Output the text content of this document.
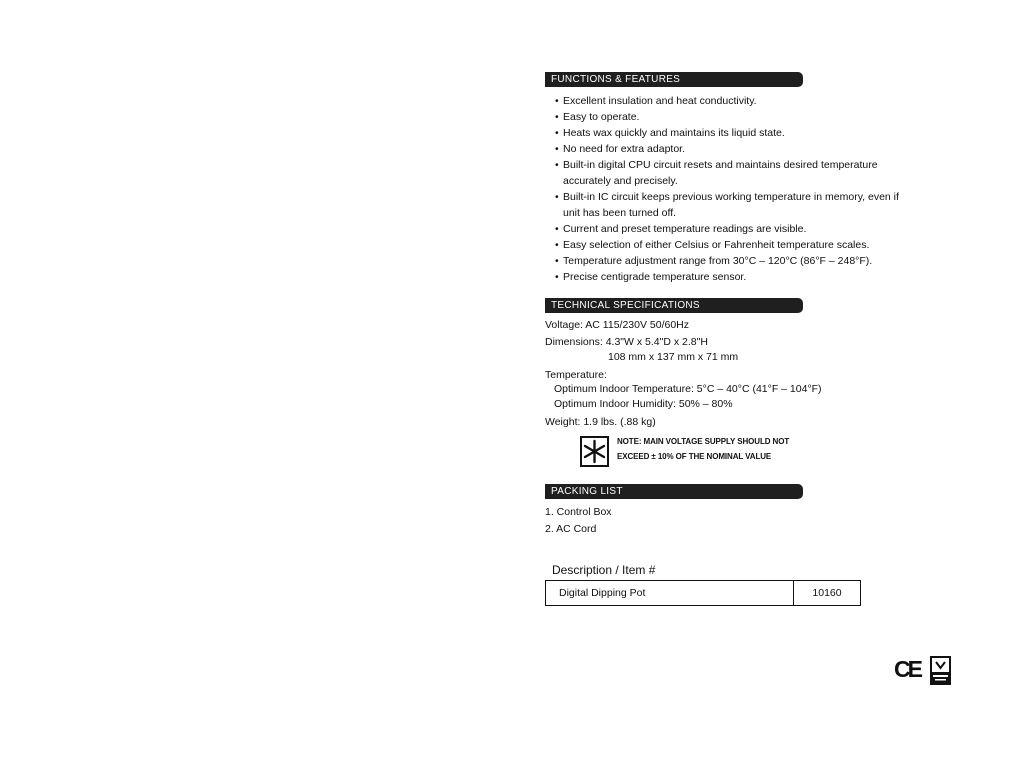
FUNCTIONS & FEATURES
• Excellent insulation and heat conductivity.
• Easy to operate.
• Heats wax quickly and maintains its liquid state.
• No need for extra adaptor.
• Built-in digital CPU circuit resets and maintains desired temperature accurately and precisely.
• Built-in IC circuit keeps previous working temperature in memory, even if unit has been turned off.
• Current and preset temperature readings are visible.
• Easy selection of either Celsius or Fahrenheit temperature scales.
• Temperature adjustment range from 30°C – 120°C (86°F – 248°F).
• Precise centigrade temperature sensor.
TECHNICAL SPECIFICATIONS
Voltage: AC 115/230V 50/60Hz
Dimensions: 4.3"W x 5.4"D x 2.8"H
108 mm x 137 mm x 71 mm
Temperature:
Optimum Indoor Temperature: 5°C – 40°C (41°F – 104°F)
Optimum Indoor Humidity: 50% – 80%
Weight: 1.9 lbs. (.88 kg)
NOTE: MAIN VOLTAGE SUPPLY SHOULD NOT
EXCEED ± 10% OF THE NOMINAL VALUE
PACKING LIST
1. Control Box
2. AC Cord
Description / Item #
Digital Dipping Pot	10160
CE
